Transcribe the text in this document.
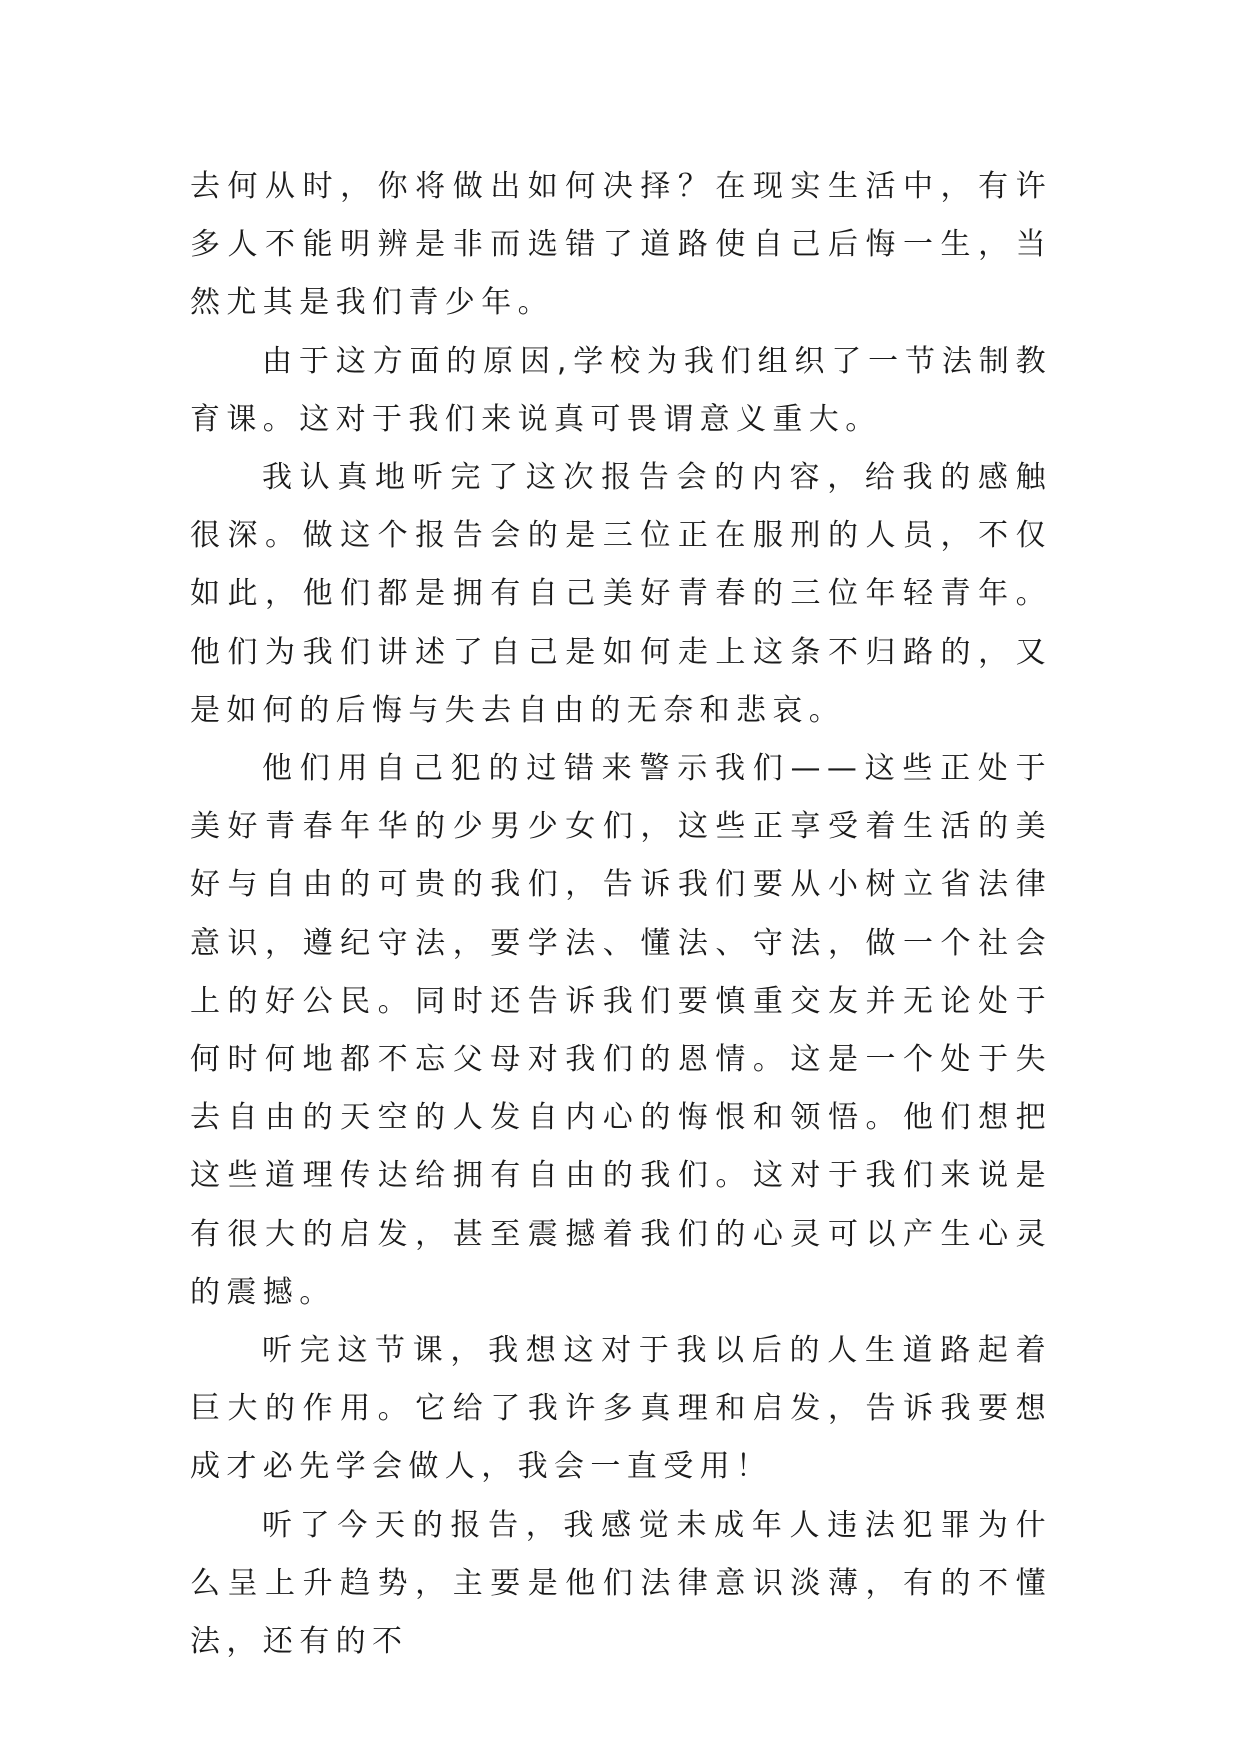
去何从时，你将做出如何决择？在现实生活中，有许多人不能明辨是非而选错了道路使自己后悔一生，当然尤其是我们青少年。

由于这方面的原因,学校为我们组织了一节法制教育课。这对于我们来说真可畏谓意义重大。

我认真地听完了这次报告会的内容，给我的感触很深。做这个报告会的是三位正在服刑的人员，不仅如此，他们都是拥有自己美好青春的三位年轻青年。他们为我们讲述了自己是如何走上这条不归路的，又是如何的后悔与失去自由的无奈和悲哀。

他们用自己犯的过错来警示我们——这些正处于美好青春年华的少男少女们，这些正享受着生活的美好与自由的可贵的我们，告诉我们要从小树立省法律意识，遵纪守法，要学法、懂法、守法，做一个社会上的好公民。同时还告诉我们要慎重交友并无论处于何时何地都不忘父母对我们的恩情。这是一个处于失去自由的天空的人发自内心的悔恨和领悟。他们想把这些道理传达给拥有自由的我们。这对于我们来说是有很大的启发，甚至震撼着我们的心灵可以产生心灵的震撼。

听完这节课，我想这对于我以后的人生道路起着巨大的作用。它给了我许多真理和启发，告诉我要想成才必先学会做人，我会一直受用！

听了今天的报告，我感觉未成年人违法犯罪为什么呈上升趋势，主要是他们法律意识淡薄，有的不懂法，还有的不
